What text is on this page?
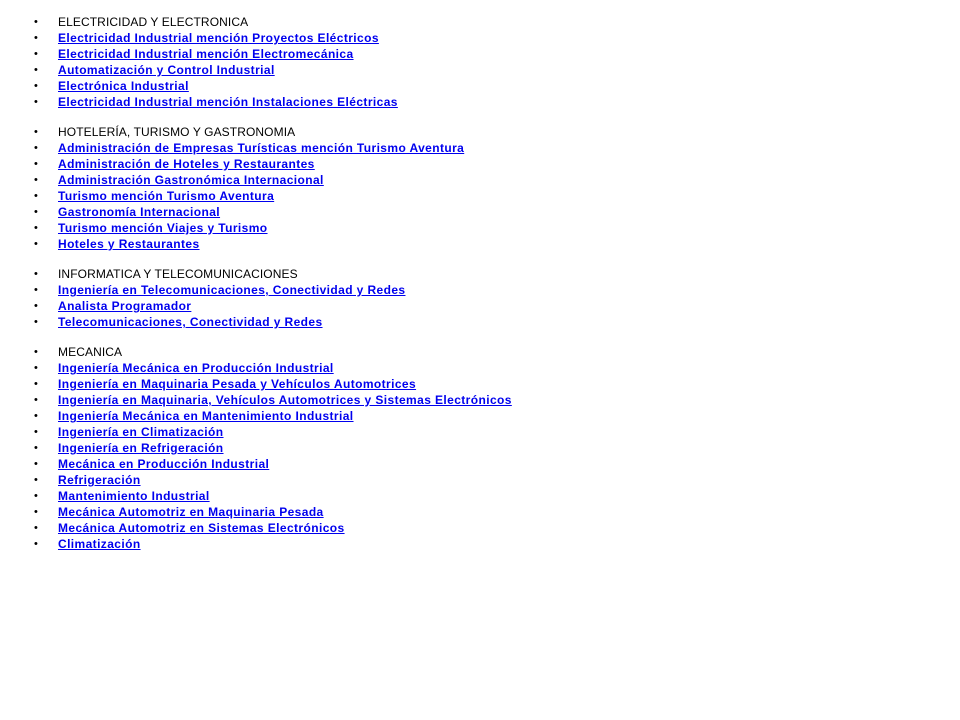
• ELECTRICIDAD Y ELECTRONICA
• Electricidad Industrial mención Proyectos Eléctricos
• Electricidad Industrial mención Electromecánica
• Automatización y Control Industrial
• Electrónica Industrial
• Electricidad Industrial mención Instalaciones Eléctricas
• HOTELERÍA, TURISMO Y GASTRONOMIA
• Administración de Empresas Turísticas mención Turismo Aventura
• Administración de Hoteles y Restaurantes
• Administración Gastronómica Internacional
• Turismo mención Turismo Aventura
• Gastronomía Internacional
• Turismo mención Viajes y Turismo
• Hoteles y Restaurantes
• INFORMATICA Y TELECOMUNICACIONES
• Ingeniería en Telecomunicaciones, Conectividad y Redes
• Analista Programador
• Telecomunicaciones, Conectividad y Redes
• MECANICA
• Ingeniería Mecánica en Producción Industrial
• Ingeniería en Maquinaria Pesada y Vehículos Automotrices
• Ingeniería en Maquinaria, Vehículos Automotrices y Sistemas Electrónicos
• Ingeniería Mecánica en Mantenimiento Industrial
• Ingeniería en Climatización
• Ingeniería en Refrigeración
• Mecánica en Producción Industrial
• Refrigeración
• Mantenimiento Industrial
• Mecánica Automotriz en Maquinaria Pesada
• Mecánica Automotriz en Sistemas Electrónicos
• Climatización
